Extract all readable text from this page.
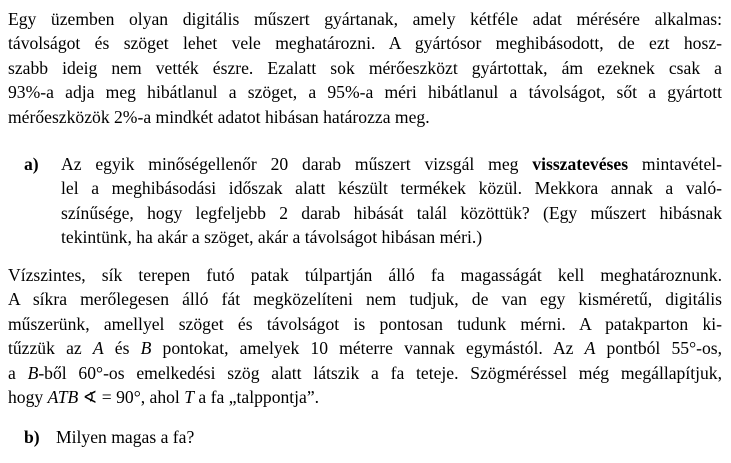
Egy üzemben olyan digitális műszert gyártanak, amely kétféle adat mérésére alkalmas:
távolságot és szöget lehet vele meghatározni. A gyártósor meghibásodott, de ezt hosz-
szabb ideig nem vették észre. Ezalatt sok mérőeszközt gyártottak, ám ezeknek csak a
93%-a adja meg hibátlanul a szöget, a 95%-a méri hibátlanul a távolságot, sőt a gyártott
mérőeszközök 2%-a mindkét adatot hibásan határozza meg.
a) Az egyik minőségellenőr 20 darab műszert vizsgál meg visszatevéses mintavétel-
lel a meghibásodási időszak alatt készült termékek közül. Mekkora annak a való-
színűsége, hogy legfeljebb 2 darab hibását talál közöttük? (Egy műszert hibásnak
tekintünk, ha akár a szöget, akár a távolságot hibásan méri.)
Vízszintes, sík terepen futó patak túlpartján álló fa magasságát kell meghatároznunk.
A síkra merőlegesen álló fát megközelíteni nem tudjuk, de van egy kisméretű, digitális
műszerünk, amellyel szöget és távolságot is pontosan tudunk mérni. A patakparton ki-
tűzzük az A és B pontokat, amelyek 10 méterre vannak egymástól. Az A pontból 55°-os,
a B-ből 60°-os emelkedési szög alatt látszik a fa teteje. Szögméréssel még megállapítjuk,
hogy ATB ∢ = 90°, ahol T a fa „talppontja”.
b) Milyen magas a fa?
